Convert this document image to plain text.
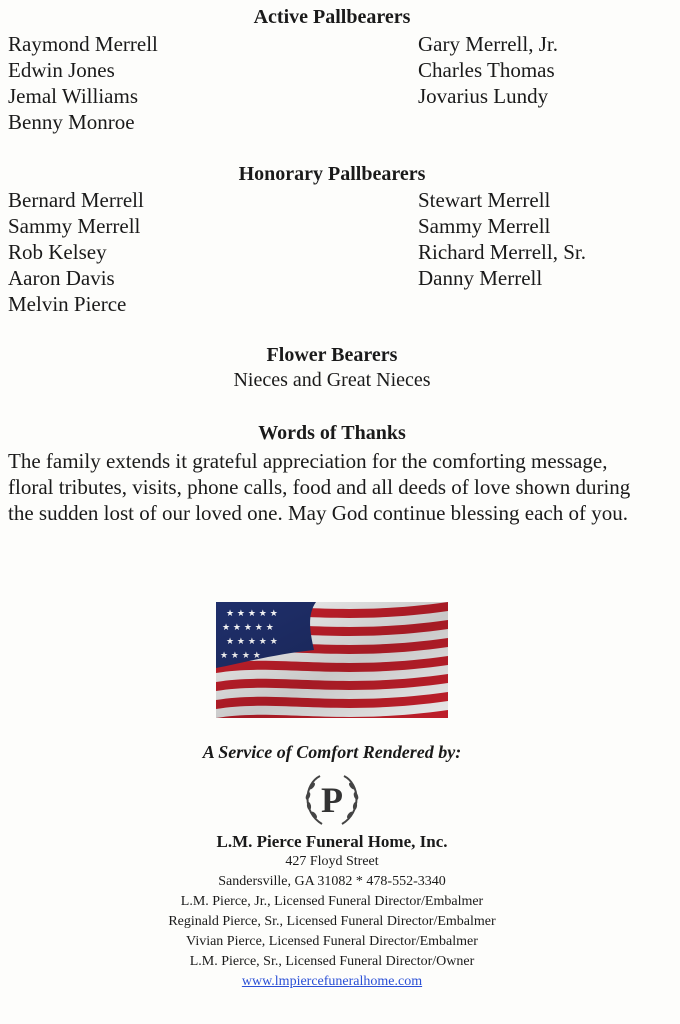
Active Pallbearers
Raymond Merrell
Edwin Jones
Jemal Williams
Benny Monroe
Gary Merrell, Jr.
Charles Thomas
Jovarius Lundy
Honorary Pallbearers
Bernard Merrell
Sammy Merrell
Rob Kelsey
Aaron Davis
Melvin Pierce
Stewart Merrell
Sammy Merrell
Richard Merrell, Sr.
Danny Merrell
Flower Bearers
Nieces and Great Nieces
Words of Thanks
The family extends it grateful appreciation for the comforting message, floral tributes, visits, phone calls, food and all deeds of love shown during the sudden lost of our loved one. May God continue blessing each of you.
A Service of Comfort Rendered by:
P
L.M. Pierce Funeral Home, Inc.
427 Floyd Street
Sandersville, GA 31082 * 478-552-3340
L.M. Pierce, Jr., Licensed Funeral Director/Embalmer
Reginald Pierce, Sr., Licensed Funeral Director/Embalmer
Vivian Pierce, Licensed Funeral Director/Embalmer
L.M. Pierce, Sr., Licensed Funeral Director/Owner
www.lmpiercefuneralhome.com
